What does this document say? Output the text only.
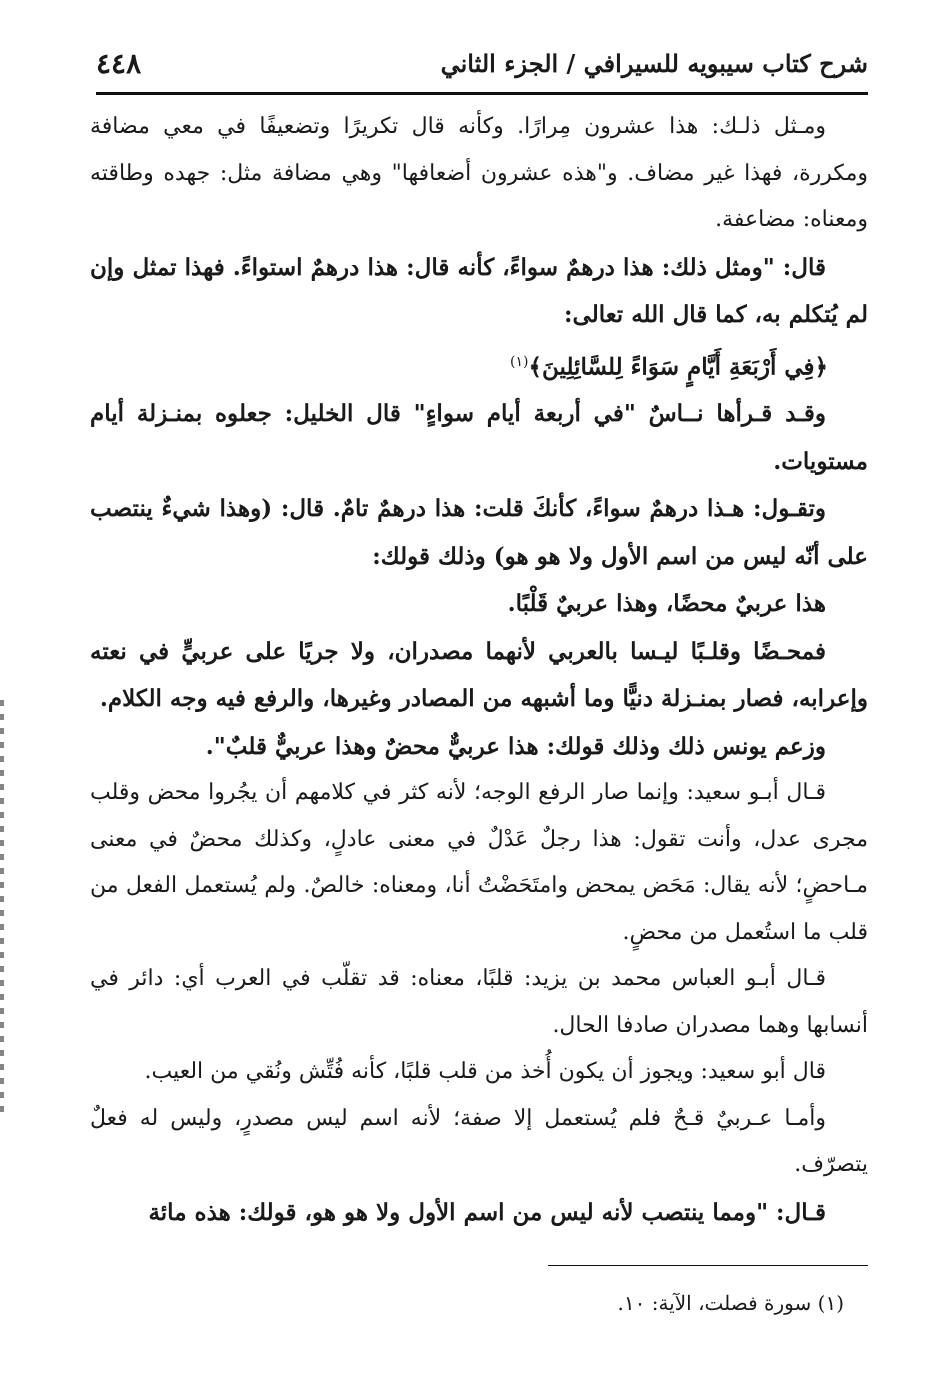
شرح كتاب سيبويه للسيرافي / الجزء الثاني
٤٤٨

ومـثل ذلـك: هذا عشرون مِرارًا. وكأنه قال تكريرًا وتضعيفًا في معي مضافة ومكررة، فهذا غير مضاف. و"هذه عشرون أضعافها" وهي مضافة مثل: جهده وطاقته ومعناه: مضاعفة.

قال: "ومثل ذلك: هذا درهمٌ سواءً، كأنه قال: هذا درهمٌ استواءً. فهذا تمثل وإن لم يُتكلم به، كما قال الله تعالى:

﴿فِي أَرْبَعَةِ أَيَّامٍ سَوَاءً لِلسَّائِلِينَ﴾$^{(١)}$

وقـد قـرأها نــاسٌ "في أربعة أيام سواءٍ" قال الخليل: جعلوه بمنـزلة أيام مستويات.

وتقـول: هـذا درهمٌ سواءً، كأنكَ قلت: هذا درهمٌ تامٌ. قال: (وهذا شيءٌ ينتصب على أنّه ليس من اسم الأول ولا هو هو) وذلك قولك:

هذا عربيٌ محضًا، وهذا عربيٌ قَلْبًا.

فمحـضًا وقلـبًا ليـسا بالعربي لأنهما مصدران، ولا جريًا على عربيٍّ في نعته وإعرابه، فصار بمنـزلة دنيًّا وما أشبهه من المصادر وغيرها، والرفع فيه وجه الكلام.

وزعم يونس ذلك وذلك قولك: هذا عربيٌّ محضٌ وهذا عربيٌّ قلبٌ".

قـال أبـو سعيد: وإنما صار الرفع الوجه؛ لأنه كثر في كلامهم أن يجُروا محض وقلب مجرى عدل، وأنت تقول: هذا رجلٌ عَدْلٌ في معنى عادلٍ، وكذلك محضٌ في معنى مـاحضٍ؛ لأنه يقال: مَحَض يمحض وامتَحَضْتُ أنا، ومعناه: خالصٌ. ولم يُستعمل الفعل من قلب ما استُعمل من محضٍ.

قـال أبـو العباس محمد بن يزيد: قلبًا، معناه: قد تقلّب في العرب أي: دائر في أنسابها وهما مصدران صادفا الحال.

قال أبو سعيد: ويجوز أن يكون أُخذ من قلب قلبًا، كأنه فُتِّش ونُقي من العيب.

وأمـا عـربيٌ قـحٌ فلم يُستعمل إلا صفة؛ لأنه اسم ليس مصدرٍ، وليس له فعلٌ يتصرّف.

قـال: "ومما ينتصب لأنه ليس من اسم الأول ولا هو هو، قولك: هذه مائة

(١) سورة فصلت، الآية: ١٠.
